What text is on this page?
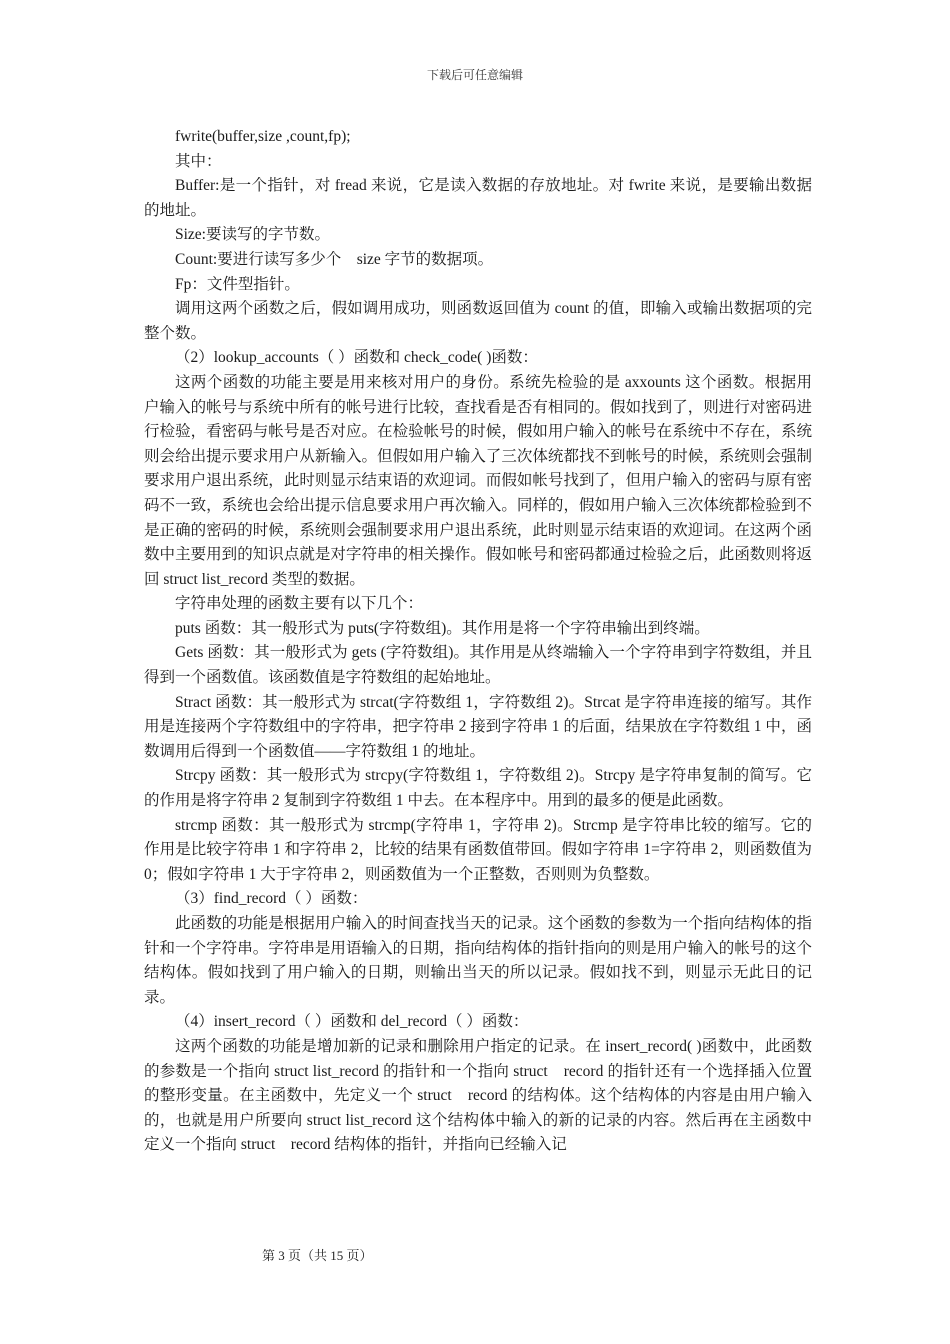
下载后可任意编辑

fwrite(buffer,size ,count,fp);

其中：

Buffer:是一个指针，对 fread 来说，它是读入数据的存放地址。对 fwrite 来说，是要输出数据的地址。

Size:要读写的字节数。

Count:要进行读写多少个　size 字节的数据项。

Fp：文件型指针。

调用这两个函数之后，假如调用成功，则函数返回值为 count 的值，即输入或输出数据项的完整个数。

（2）lookup_accounts（ ）函数和 check_code( )函数：

这两个函数的功能主要是用来核对用户的身份。系统先检验的是 axxounts 这个函数。根据用户输入的帐号与系统中所有的帐号进行比较，查找看是否有相同的。假如找到了，则进行对密码进行检验，看密码与帐号是否对应。在检验帐号的时候，假如用户输入的帐号在系统中不存在，系统则会给出提示要求用户从新输入。但假如用户输入了三次体统都找不到帐号的时候，系统则会强制要求用户退出系统，此时则显示结束语的欢迎词。而假如帐号找到了，但用户输入的密码与原有密码不一致，系统也会给出提示信息要求用户再次输入。同样的，假如用户输入三次体统都检验到不是正确的密码的时候，系统则会强制要求用户退出系统，此时则显示结束语的欢迎词。在这两个函数中主要用到的知识点就是对字符串的相关操作。假如帐号和密码都通过检验之后，此函数则将返回 struct list_record 类型的数据。

字符串处理的函数主要有以下几个：

puts 函数：其一般形式为 puts(字符数组)。其作用是将一个字符串输出到终端。

Gets 函数：其一般形式为 gets (字符数组)。其作用是从终端输入一个字符串到字符数组，并且得到一个函数值。该函数值是字符数组的起始地址。

Stract 函数：其一般形式为 strcat(字符数组 1，字符数组 2)。Strcat 是字符串连接的缩写。其作用是连接两个字符数组中的字符串，把字符串 2 接到字符串 1 的后面，结果放在字符数组 1 中，函数调用后得到一个函数值——字符数组 1 的地址。

Strcpy 函数：其一般形式为 strcpy(字符数组 1，字符数组 2)。Strcpy 是字符串复制的简写。它的作用是将字符串 2 复制到字符数组 1 中去。在本程序中。用到的最多的便是此函数。

strcmp 函数：其一般形式为 strcmp(字符串 1，字符串 2)。Strcmp 是字符串比较的缩写。它的作用是比较字符串 1 和字符串 2，比较的结果有函数值带回。假如字符串 1=字符串 2，则函数值为 0；假如字符串 1 大于字符串 2，则函数值为一个正整数，否则则为负整数。

（3）find_record（ ）函数：

此函数的功能是根据用户输入的时间查找当天的记录。这个函数的参数为一个指向结构体的指针和一个字符串。字符串是用语输入的日期，指向结构体的指针指向的则是用户输入的帐号的这个结构体。假如找到了用户输入的日期，则输出当天的所以记录。假如找不到，则显示无此日的记录。

（4）insert_record（ ）函数和 del_record（ ）函数：

这两个函数的功能是增加新的记录和删除用户指定的记录。在 insert_record( )函数中，此函数的参数是一个指向 struct list_record 的指针和一个指向 struct　record 的指针还有一个选择插入位置的整形变量。在主函数中，先定义一个 struct　record 的结构体。这个结构体的内容是由用户输入的，也就是用户所要向 struct list_record 这个结构体中输入的新的记录的内容。然后再在主函数中定义一个指向 struct　record 结构体的指针，并指向已经输入记

第 3 页（共 15 页）
